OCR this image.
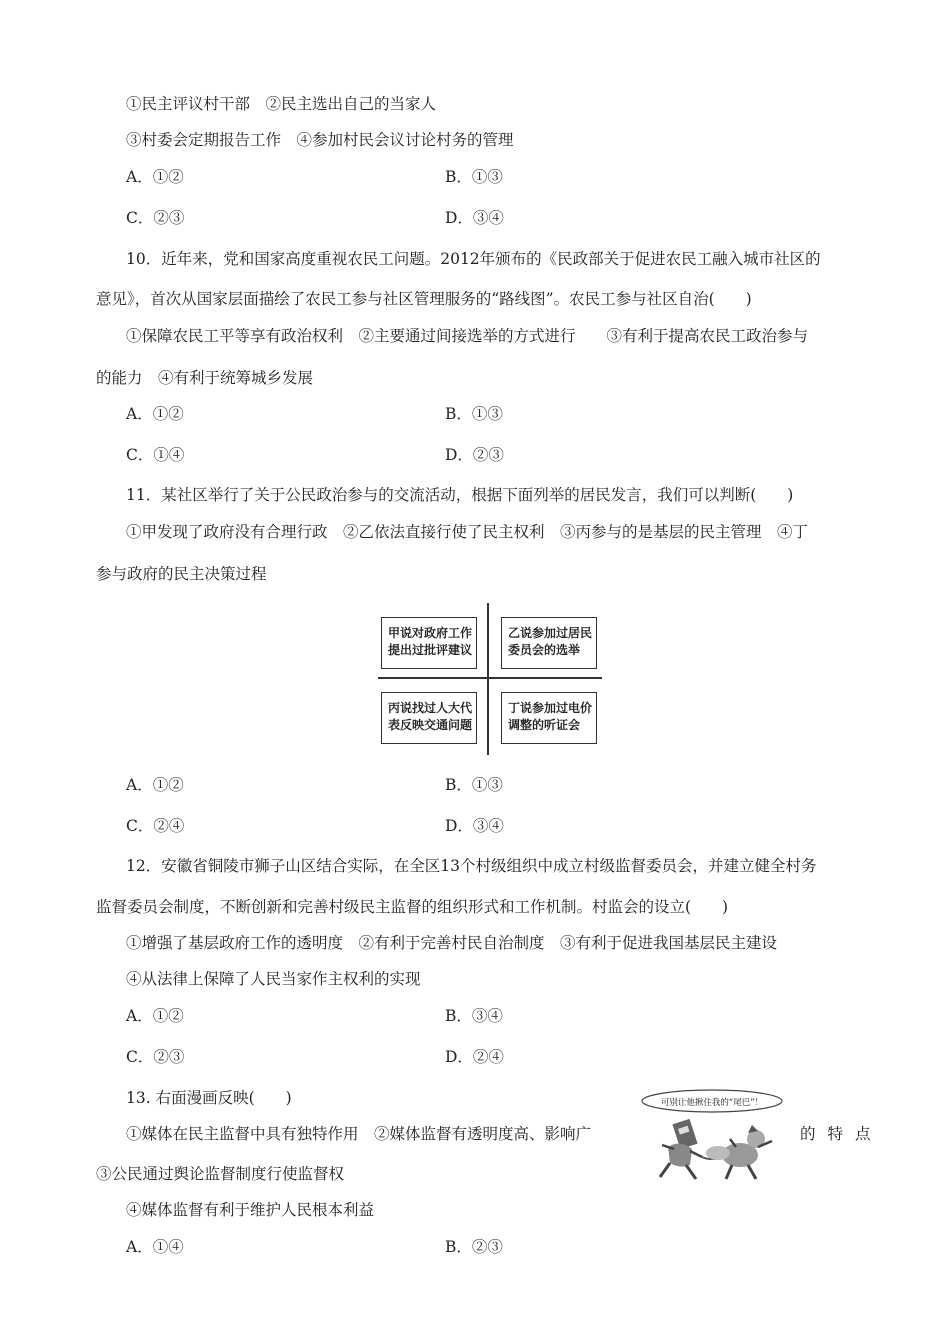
①民主评议村干部　②民主选出自己的当家人
③村委会定期报告工作　④参加村民会议讨论村务的管理
A．①②	B．①③
C．②③	D．③④
10．近年来，党和国家高度重视农民工问题。2012年颁布的《民政部关于促进农民工融入城市社区的
意见》，首次从国家层面描绘了农民工参与社区管理服务的“路线图”。农民工参与社区自治(　　)
①保障农民工平等享有政治权利　②主要通过间接选举的方式进行　　③有利于提高农民工政治参与
的能力　④有利于统筹城乡发展
A．①②	B．①③
C．①④	D．②③
11．某社区举行了关于公民政治参与的交流活动，根据下面列举的居民发言，我们可以判断(　　)
①甲发现了政府没有合理行政　②乙依法直接行使了民主权利　③丙参与的是基层的民主管理　④丁
参与政府的民主决策过程
甲说对政府工作提出过批评建议
乙说参加过居民委员会的选举
丙说找过人大代表反映交通问题
丁说参加过电价调整的听证会
A．①②	B．①③
C．②④	D．③④
12．安徽省铜陵市狮子山区结合实际，在全区13个村级组织中成立村级监督委员会，并建立健全村务
监督委员会制度，不断创新和完善村级民主监督的组织形式和工作机制。村监会的设立(　　)
①增强了基层政府工作的透明度　②有利于完善村民自治制度　③有利于促进我国基层民主建设
④从法律上保障了人民当家作主权利的实现
A．①②	B．③④
C．②③	D．②④
13. 右面漫画反映(　　)
①媒体在民主监督中具有独特作用　②媒体监督有透明度高、影响广	的特点
③公民通过舆论监督制度行使监督权
④媒体监督有利于维护人民根本利益
可别让他揪住我的“尾巴”！
A．①④	B．②③
